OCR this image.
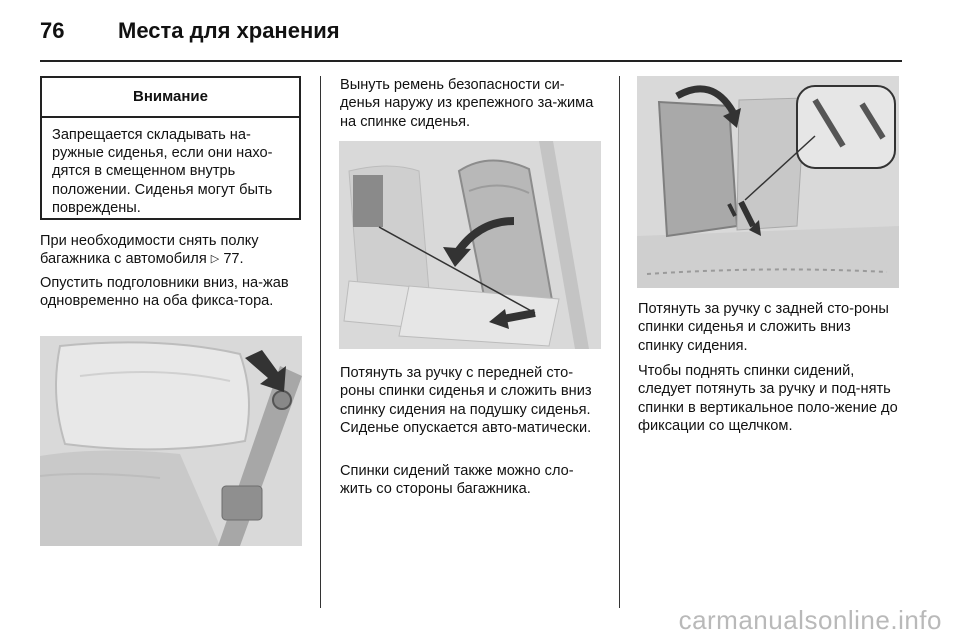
76 Места для хранения
Внимание
Запрещается складывать на-ружные сиденья, если они нахо-дятся в смещенном внутрь положении. Сиденья могут быть повреждены.

При необходимости снять полку багажника с автомобиля ▷ 77.

Опустить подголовники вниз, на-жав одновременно на оба фикса-тора.

Вынуть ремень безопасности си-денья наружу из крепежного за-жима на спинке сиденья.

Потянуть за ручку с передней сто-роны спинки сиденья и сложить вниз спинку сидения на подушку сиденья. Сиденье опускается авто-матически.

Спинки сидений также можно сло-жить со стороны багажника.

Потянуть за ручку с задней сто-роны спинки сиденья и сложить вниз спинку сидения.

Чтобы поднять спинки сидений, следует потянуть за ручку и под-нять спинки в вертикальное поло-жение до фиксации со щелчком.

carmanualsonline.info
